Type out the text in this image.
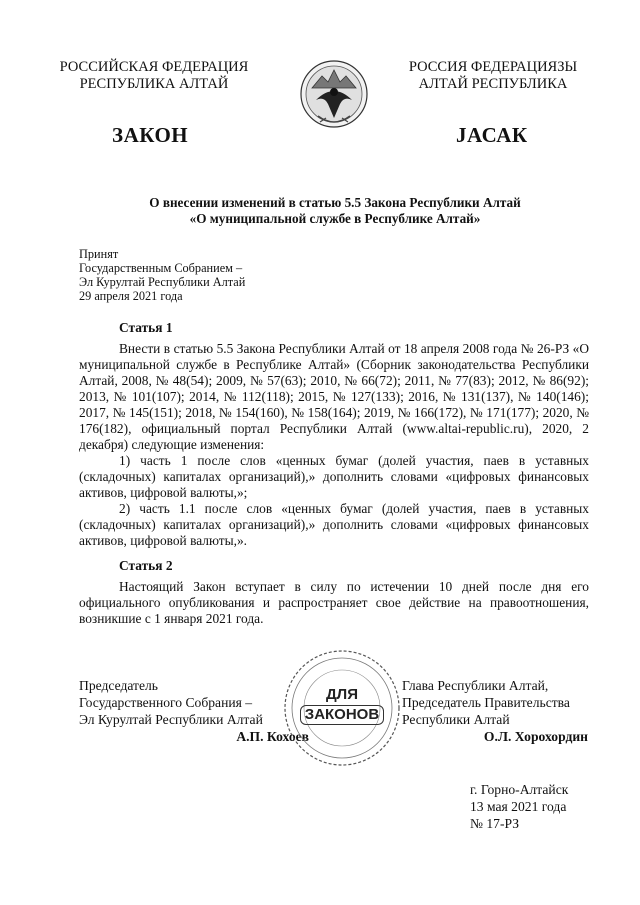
РОССИЙСКАЯ ФЕДЕРАЦИЯ
РЕСПУБЛИКА АЛТАЙ
РОССИЯ ФЕДЕРАЦИЯЗЫ
АЛТАЙ РЕСПУБЛИКА
ЗАКОН	ЈАСАК
О внесении изменений в статью 5.5 Закона Республики Алтай
«О муниципальной службе в Республике Алтай»
Принят
Государственным Собранием –
Эл Курултай Республики Алтай
29 апреля 2021 года
Статья 1

Внести в статью 5.5 Закона Республики Алтай от 18 апреля 2008 года № 26-РЗ «О муниципальной службе в Республике Алтай» (Сборник законодательства Республики Алтай, 2008, № 48(54); 2009, № 57(63); 2010, № 66(72); 2011, № 77(83); 2012, № 86(92); 2013, № 101(107); 2014, № 112(118); 2015, № 127(133); 2016, № 131(137), № 140(146); 2017, № 145(151); 2018, № 154(160), № 158(164); 2019, № 166(172), № 171(177); 2020, № 176(182), официальный портал Республики Алтай (www.altai-republic.ru), 2020, 2 декабря) следующие изменения:

1) часть 1 после слов «ценных бумаг (долей участия, паев в уставных (складочных) капиталах организаций),» дополнить словами «цифровых финансовых активов, цифровой валюты,»;

2) часть 1.1 после слов «ценных бумаг (долей участия, паев в уставных (складочных) капиталах организаций),» дополнить словами «цифровых финансовых активов, цифровой валюты,».

Статья 2

Настоящий Закон вступает в силу по истечении 10 дней после дня его официального опубликования и распространяет свое действие на правоотношения, возникшие с 1 января 2021 года.

Председатель
Государственного Собрания –
Эл Курултай Республики Алтай
А.П. Кохоев
ДЛЯ
ЗАКОНОВ
Глава Республики Алтай,
Председатель Правительства
Республики Алтай
О.Л. Хорохордин
г. Горно-Алтайск
13 мая 2021 года
№ 17-РЗ
